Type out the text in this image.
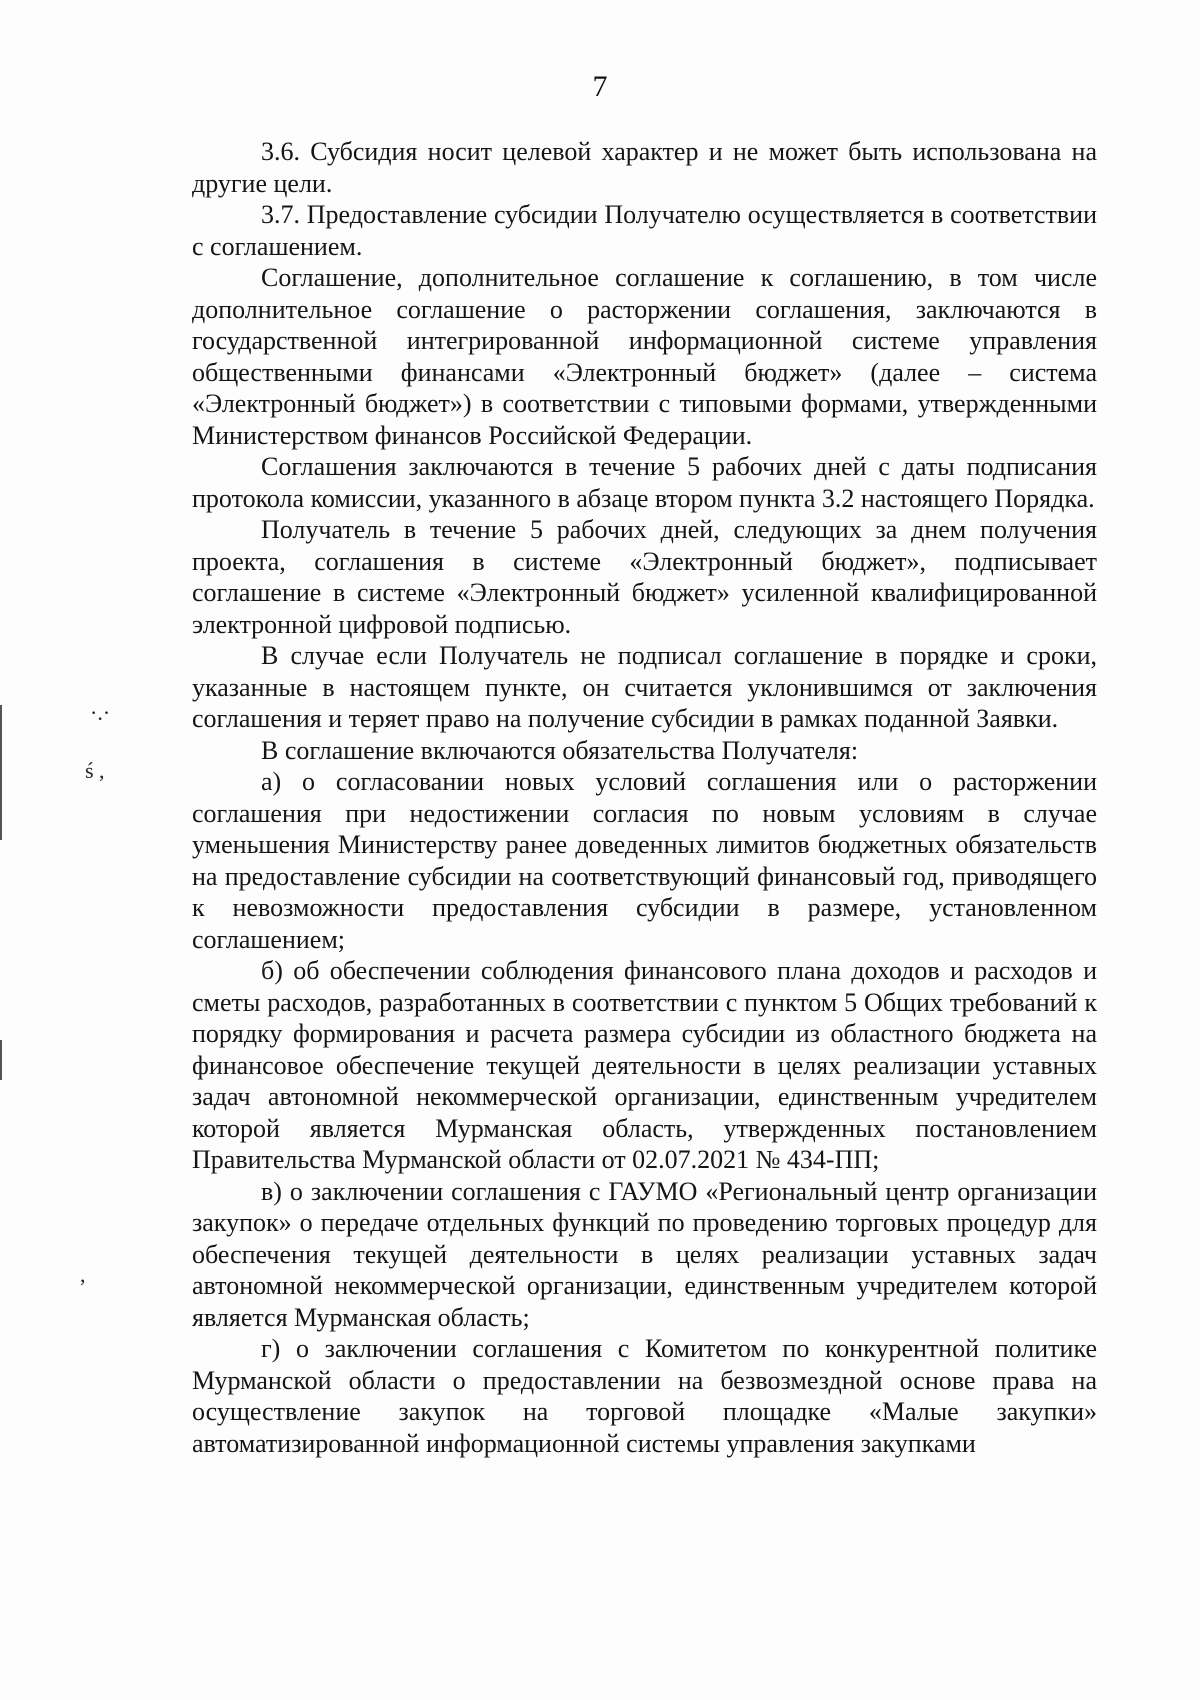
·.·
ś ,
,
7

3.6. Субсидия носит целевой характер и не может быть использована на другие цели.

3.7. Предоставление субсидии Получателю осуществляется в соответствии с соглашением.

Соглашение, дополнительное соглашение к соглашению, в том числе дополнительное соглашение о расторжении соглашения, заключаются в государственной интегрированной информационной системе управления общественными финансами «Электронный бюджет» (далее – система «Электронный бюджет») в соответствии с типовыми формами, утвержденными Министерством финансов Российской Федерации.

Соглашения заключаются в течение 5 рабочих дней с даты подписания протокола комиссии, указанного в абзаце втором пункта 3.2 настоящего Порядка.

Получатель в течение 5 рабочих дней, следующих за днем получения проекта, соглашения в системе «Электронный бюджет», подписывает соглашение в системе «Электронный бюджет» усиленной квалифицированной электронной цифровой подписью.

В случае если Получатель не подписал соглашение в порядке и сроки, указанные в настоящем пункте, он считается уклонившимся от заключения соглашения и теряет право на получение субсидии в рамках поданной Заявки.

В соглашение включаются обязательства Получателя:

а) о согласовании новых условий соглашения или о расторжении соглашения при недостижении согласия по новым условиям в случае уменьшения Министерству ранее доведенных лимитов бюджетных обязательств на предоставление субсидии на соответствующий финансовый год, приводящего к невозможности предоставления субсидии в размере, установленном соглашением;

б) об обеспечении соблюдения финансового плана доходов и расходов и сметы расходов, разработанных в соответствии с пунктом 5 Общих требований к порядку формирования и расчета размера субсидии из областного бюджета на финансовое обеспечение текущей деятельности в целях реализации уставных задач автономной некоммерческой организации, единственным учредителем которой является Мурманская область, утвержденных постановлением Правительства Мурманской области от 02.07.2021 № 434-ПП;

в) о заключении соглашения с ГАУМО «Региональный центр организации закупок» о передаче отдельных функций по проведению торговых процедур для обеспечения текущей деятельности в целях реализации уставных задач автономной некоммерческой организации, единственным учредителем которой является Мурманская область;

г) о заключении соглашения с Комитетом по конкурентной политике Мурманской области о предоставлении на безвозмездной основе права на осуществление закупок на торговой площадке «Малые закупки» автоматизированной информационной системы управления закупками
